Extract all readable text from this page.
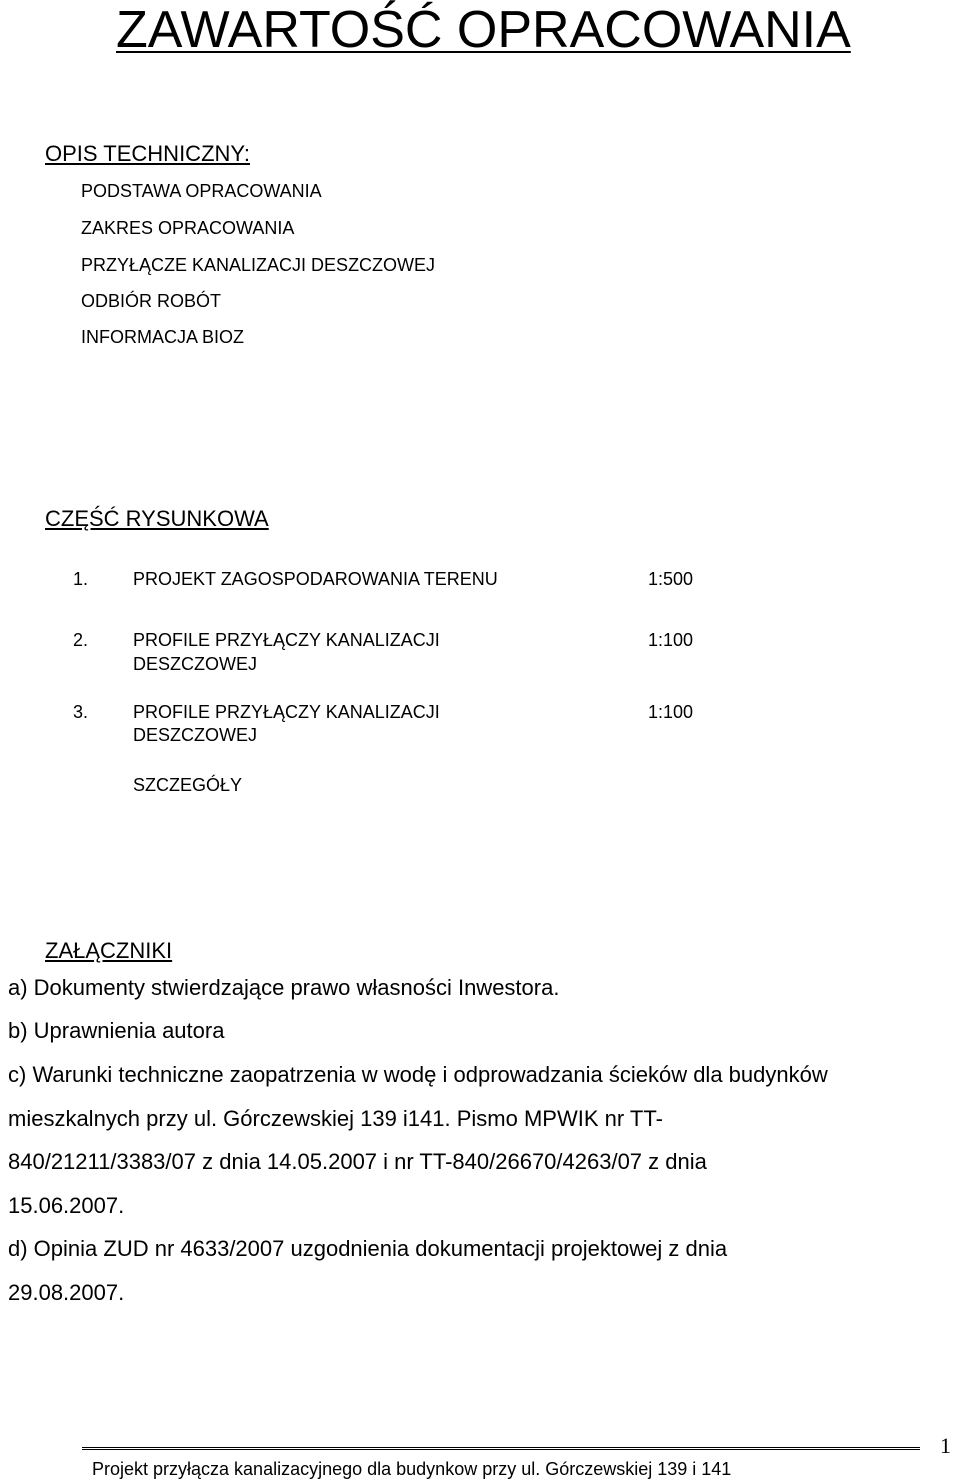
ZAWARTOŚĆ OPRACOWANIA
OPIS TECHNICZNY:
PODSTAWA OPRACOWANIA
ZAKRES OPRACOWANIA
PRZYŁĄCZE KANALIZACJI DESZCZOWEJ
ODBIÓR ROBÓT
INFORMACJA BIOZ
CZĘŚĆ RYSUNKOWA
1. PROJEKT ZAGOSPODAROWANIA TERENU	1:500
2. PROFILE PRZYŁĄCZY KANALIZACJI
DESZCZOWEJ
1:100
3. PROFILE PRZYŁĄCZY KANALIZACJI
DESZCZOWEJ
1:100
SZCZEGÓŁY
ZAŁĄCZNIKI
a) Dokumenty stwierdzające prawo własności Inwestora.
b) Uprawnienia autora
c) Warunki techniczne zaopatrzenia w wodę i odprowadzania ścieków dla budynków
mieszkalnych przy ul. Górczewskiej 139 i141. Pismo MPWIK nr TT-
840/21211/3383/07 z dnia 14.05.2007 i nr TT-840/26670/4263/07 z dnia
15.06.2007.
d) Opinia ZUD nr 4633/2007 uzgodnienia dokumentacji projektowej z dnia
29.08.2007.
1
Projekt przyłącza kanalizacyjnego dla budynkow przy ul. Górczewskiej 139 i 141
